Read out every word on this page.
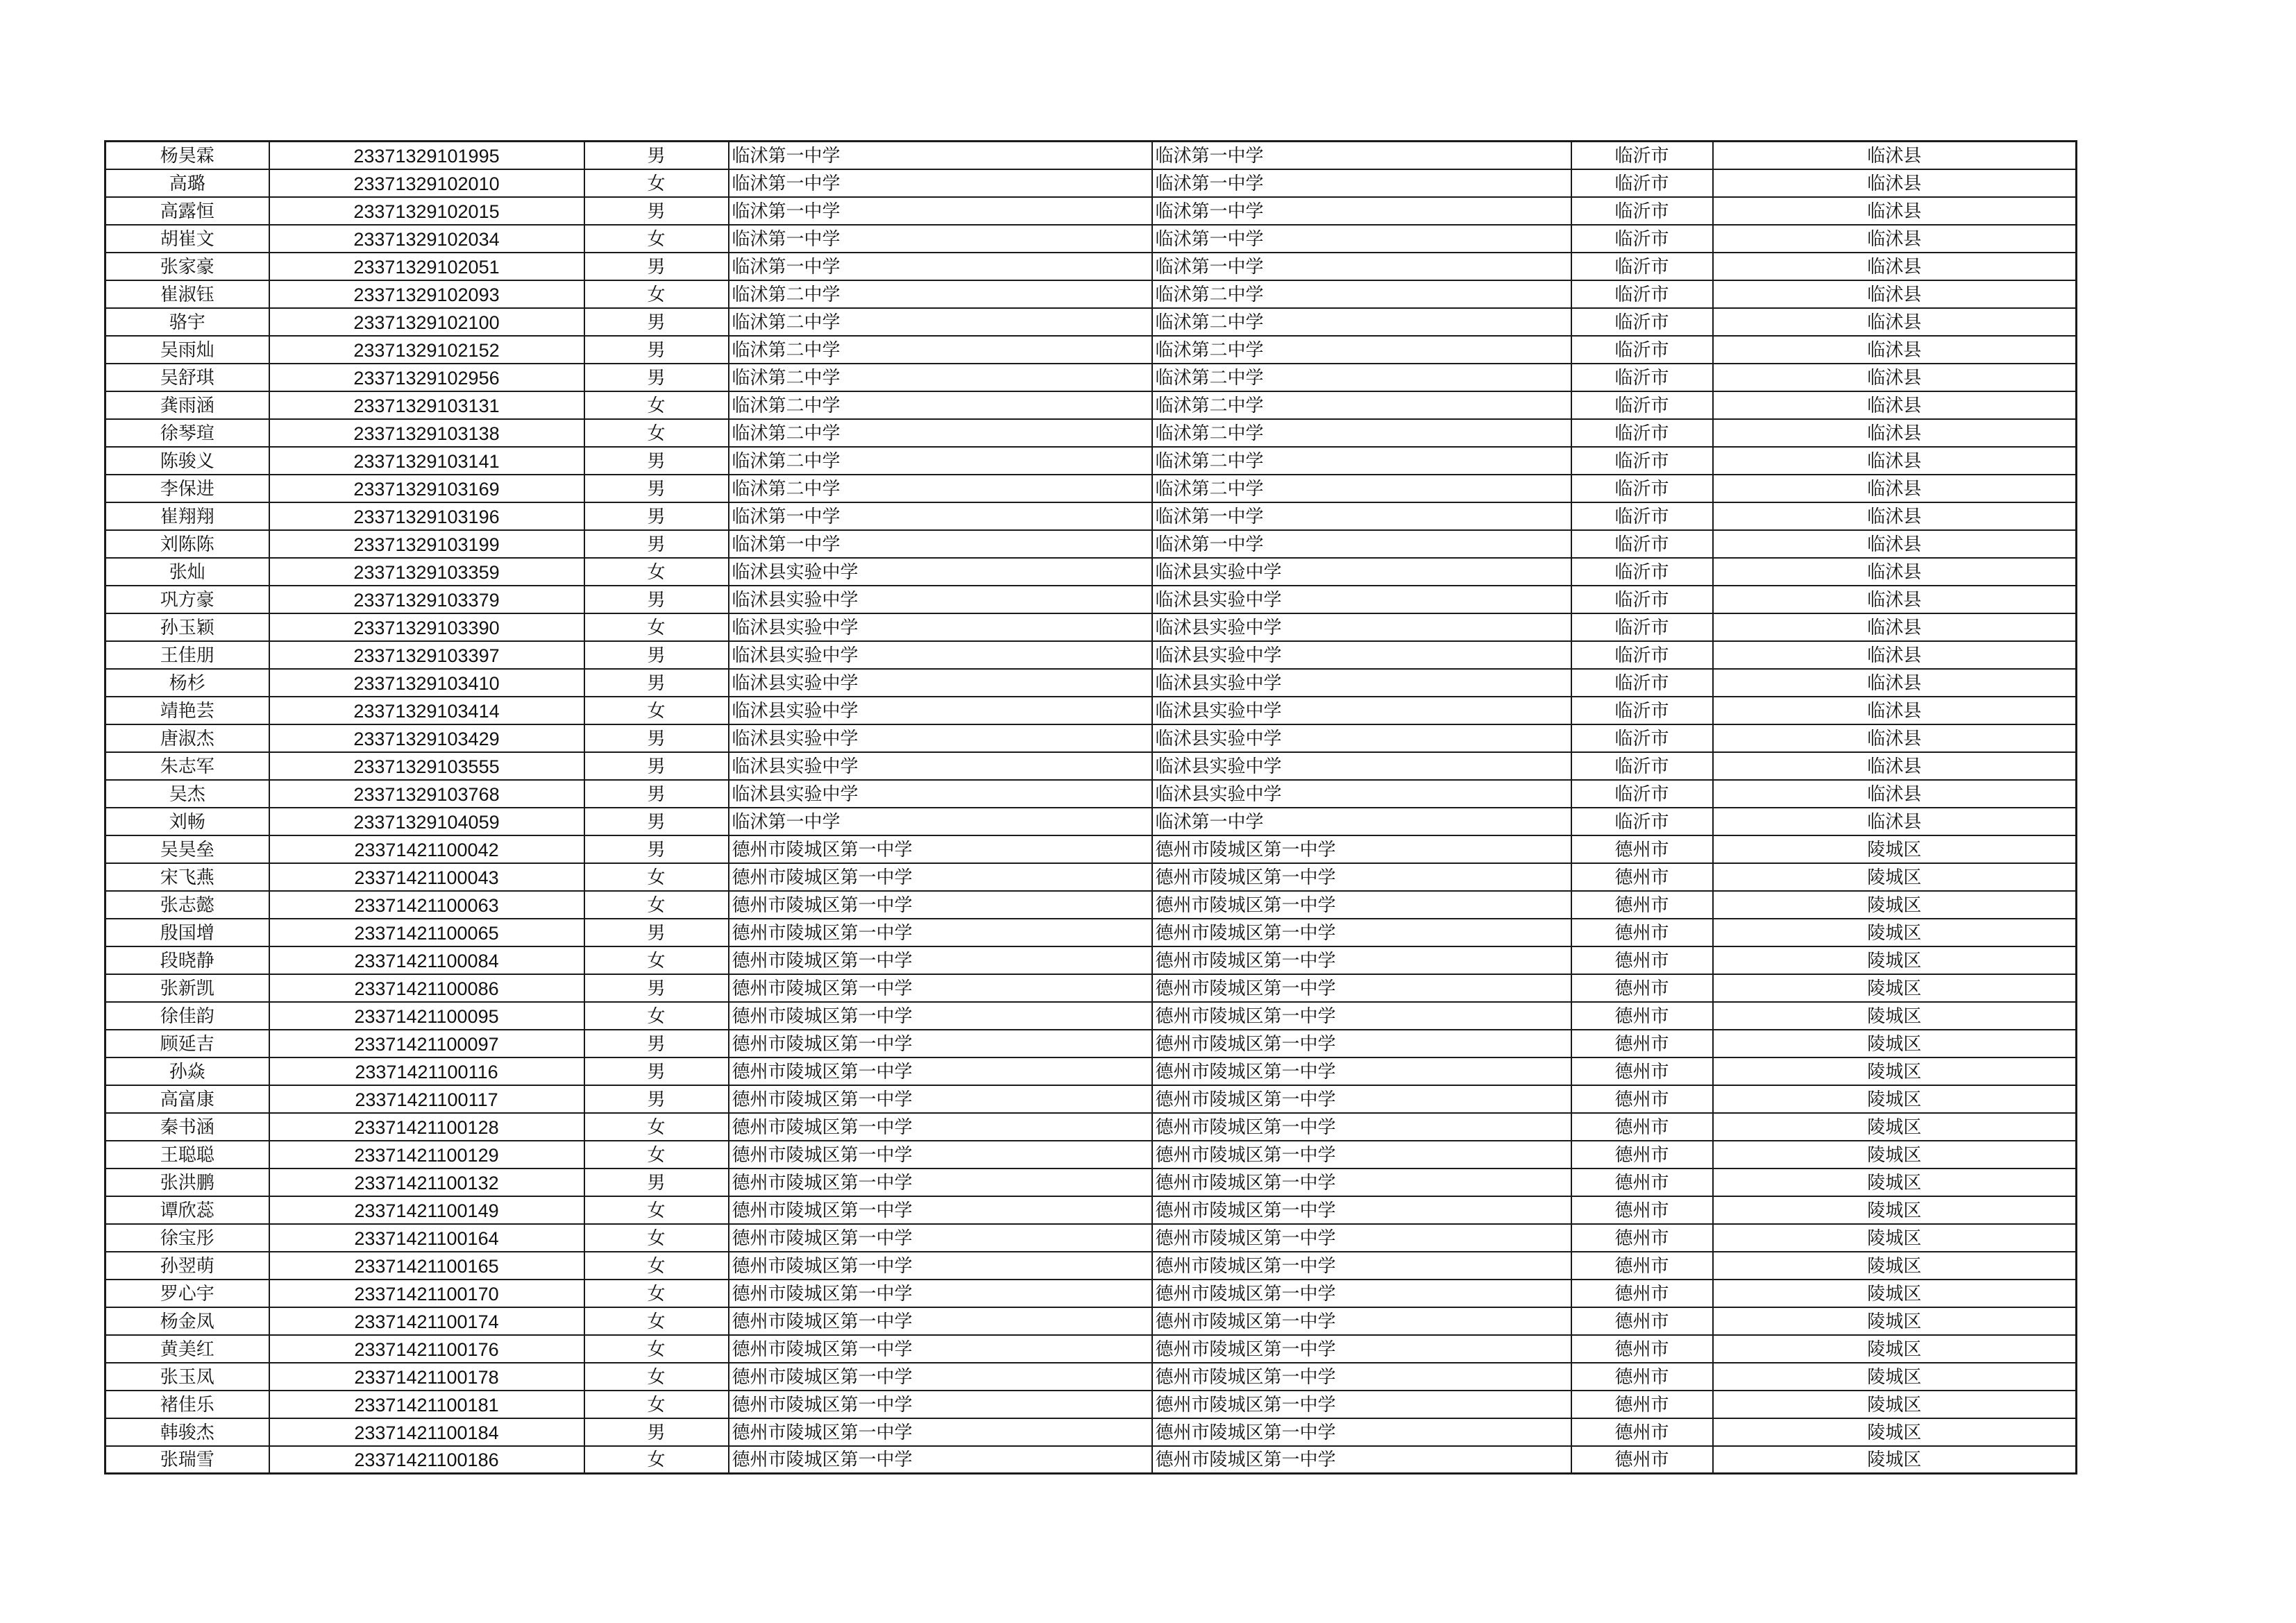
杨昊霖	23371329101995	男	临沭第一中学	临沭第一中学	临沂市	临沭县
高璐	23371329102010	女	临沭第一中学	临沭第一中学	临沂市	临沭县
高露恒	23371329102015	男	临沭第一中学	临沭第一中学	临沂市	临沭县
胡崔文	23371329102034	女	临沭第一中学	临沭第一中学	临沂市	临沭县
张家豪	23371329102051	男	临沭第一中学	临沭第一中学	临沂市	临沭县
崔淑钰	23371329102093	女	临沭第二中学	临沭第二中学	临沂市	临沭县
骆宇	23371329102100	男	临沭第二中学	临沭第二中学	临沂市	临沭县
吴雨灿	23371329102152	男	临沭第二中学	临沭第二中学	临沂市	临沭县
吴舒琪	23371329102956	男	临沭第二中学	临沭第二中学	临沂市	临沭县
龚雨涵	23371329103131	女	临沭第二中学	临沭第二中学	临沂市	临沭县
徐琴瑄	23371329103138	女	临沭第二中学	临沭第二中学	临沂市	临沭县
陈骏义	23371329103141	男	临沭第二中学	临沭第二中学	临沂市	临沭县
李保进	23371329103169	男	临沭第二中学	临沭第二中学	临沂市	临沭县
崔翔翔	23371329103196	男	临沭第一中学	临沭第一中学	临沂市	临沭县
刘陈陈	23371329103199	男	临沭第一中学	临沭第一中学	临沂市	临沭县
张灿	23371329103359	女	临沭县实验中学	临沭县实验中学	临沂市	临沭县
巩方豪	23371329103379	男	临沭县实验中学	临沭县实验中学	临沂市	临沭县
孙玉颖	23371329103390	女	临沭县实验中学	临沭县实验中学	临沂市	临沭县
王佳朋	23371329103397	男	临沭县实验中学	临沭县实验中学	临沂市	临沭县
杨杉	23371329103410	男	临沭县实验中学	临沭县实验中学	临沂市	临沭县
靖艳芸	23371329103414	女	临沭县实验中学	临沭县实验中学	临沂市	临沭县
唐淑杰	23371329103429	男	临沭县实验中学	临沭县实验中学	临沂市	临沭县
朱志军	23371329103555	男	临沭县实验中学	临沭县实验中学	临沂市	临沭县
吴杰	23371329103768	男	临沭县实验中学	临沭县实验中学	临沂市	临沭县
刘畅	23371329104059	男	临沭第一中学	临沭第一中学	临沂市	临沭县
吴昊垒	23371421100042	男	德州市陵城区第一中学	德州市陵城区第一中学	德州市	陵城区
宋飞燕	23371421100043	女	德州市陵城区第一中学	德州市陵城区第一中学	德州市	陵城区
张志懿	23371421100063	女	德州市陵城区第一中学	德州市陵城区第一中学	德州市	陵城区
殷国增	23371421100065	男	德州市陵城区第一中学	德州市陵城区第一中学	德州市	陵城区
段晓静	23371421100084	女	德州市陵城区第一中学	德州市陵城区第一中学	德州市	陵城区
张新凯	23371421100086	男	德州市陵城区第一中学	德州市陵城区第一中学	德州市	陵城区
徐佳韵	23371421100095	女	德州市陵城区第一中学	德州市陵城区第一中学	德州市	陵城区
顾延吉	23371421100097	男	德州市陵城区第一中学	德州市陵城区第一中学	德州市	陵城区
孙焱	23371421100116	男	德州市陵城区第一中学	德州市陵城区第一中学	德州市	陵城区
高富康	23371421100117	男	德州市陵城区第一中学	德州市陵城区第一中学	德州市	陵城区
秦书涵	23371421100128	女	德州市陵城区第一中学	德州市陵城区第一中学	德州市	陵城区
王聪聪	23371421100129	女	德州市陵城区第一中学	德州市陵城区第一中学	德州市	陵城区
张洪鹏	23371421100132	男	德州市陵城区第一中学	德州市陵城区第一中学	德州市	陵城区
谭欣蕊	23371421100149	女	德州市陵城区第一中学	德州市陵城区第一中学	德州市	陵城区
徐宝彤	23371421100164	女	德州市陵城区第一中学	德州市陵城区第一中学	德州市	陵城区
孙翌萌	23371421100165	女	德州市陵城区第一中学	德州市陵城区第一中学	德州市	陵城区
罗心宇	23371421100170	女	德州市陵城区第一中学	德州市陵城区第一中学	德州市	陵城区
杨金凤	23371421100174	女	德州市陵城区第一中学	德州市陵城区第一中学	德州市	陵城区
黄美红	23371421100176	女	德州市陵城区第一中学	德州市陵城区第一中学	德州市	陵城区
张玉凤	23371421100178	女	德州市陵城区第一中学	德州市陵城区第一中学	德州市	陵城区
褚佳乐	23371421100181	女	德州市陵城区第一中学	德州市陵城区第一中学	德州市	陵城区
韩骏杰	23371421100184	男	德州市陵城区第一中学	德州市陵城区第一中学	德州市	陵城区
张瑞雪	23371421100186	女	德州市陵城区第一中学	德州市陵城区第一中学	德州市	陵城区
